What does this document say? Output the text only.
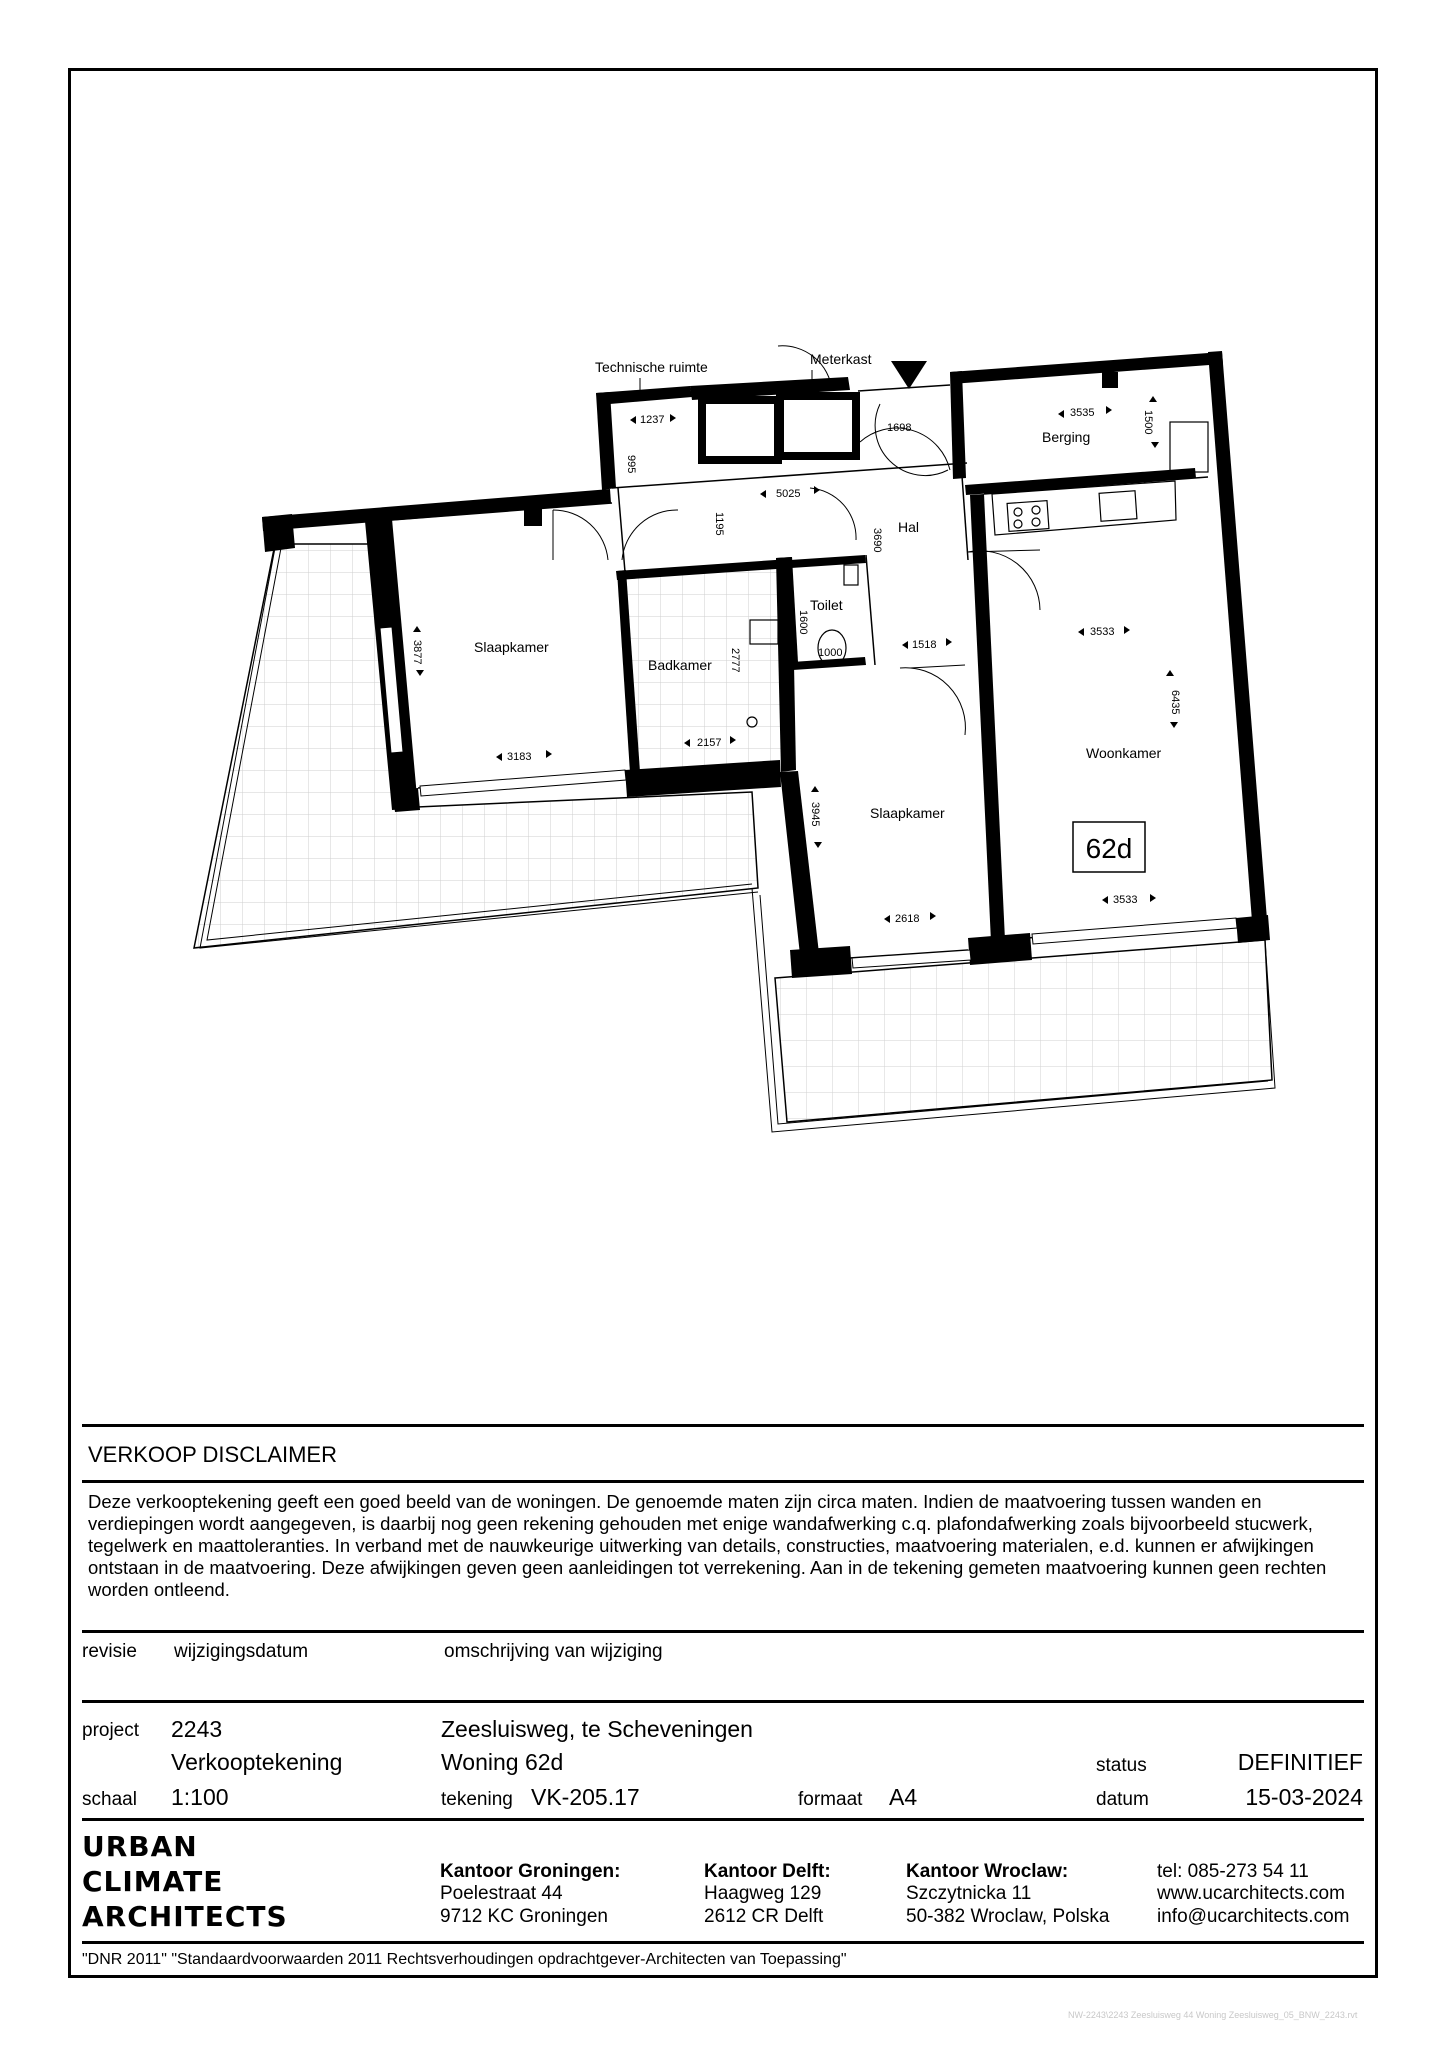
62d
Technische ruimte	Meterkast
Berging
Hal
Toilet
Badkamer
Slaapkamer
Slaapkamer
Woonkamer
1237
995
1698
3535	1500
5025
1195
3690
1600
1000
1518
3877
3183
2777
2157
3945
2618
3533
6435
3533
VERKOOP DISCLAIMER
Deze verkooptekening geeft een goed beeld van de woningen. De genoemde maten zijn circa maten. Indien de maatvoering tussen wanden en verdiepingen wordt aangegeven, is daarbij nog geen rekening gehouden met enige wandafwerking c.q. plafondafwerking zoals bijvoorbeeld stucwerk, tegelwerk en maattoleranties. In verband met de nauwkeurige uitwerking van details, constructies, maatvoering materialen, e.d. kunnen er afwijkingen ontstaan in de maatvoering. Deze afwijkingen geven geen aanleidingen tot verrekening. Aan in de tekening gemeten maatvoering kunnen geen rechten worden ontleend.
revisie wijzigingsdatum	omschrijving van wijziging
project 2243	Zeesluisweg, te Scheveningen
Verkooptekening	Woning 62d	status	DEFINITIEF
schaal 1:100	tekening VK-205.17	formaat A4	datum	15-03-2024
URBAN
CLIMATE
ARCHITECTS
Kantoor Groningen:
Poelestraat 44
9712 KC Groningen
Kantoor Delft:
Haagweg 129
2612 CR Delft
Kantoor Wroclaw:
Szczytnicka 11
50-382 Wroclaw, Polska
tel: 085-273 54 11
www.ucarchitects.com
info@ucarchitects.com
"DNR 2011" "Standaardvoorwaarden 2011 Rechtsverhoudingen opdrachtgever-Architecten van Toepassing"
NW-2243\2243 Zeesluisweg 44 Woning Zeesluisweg_05_BNW_2243.rvt
